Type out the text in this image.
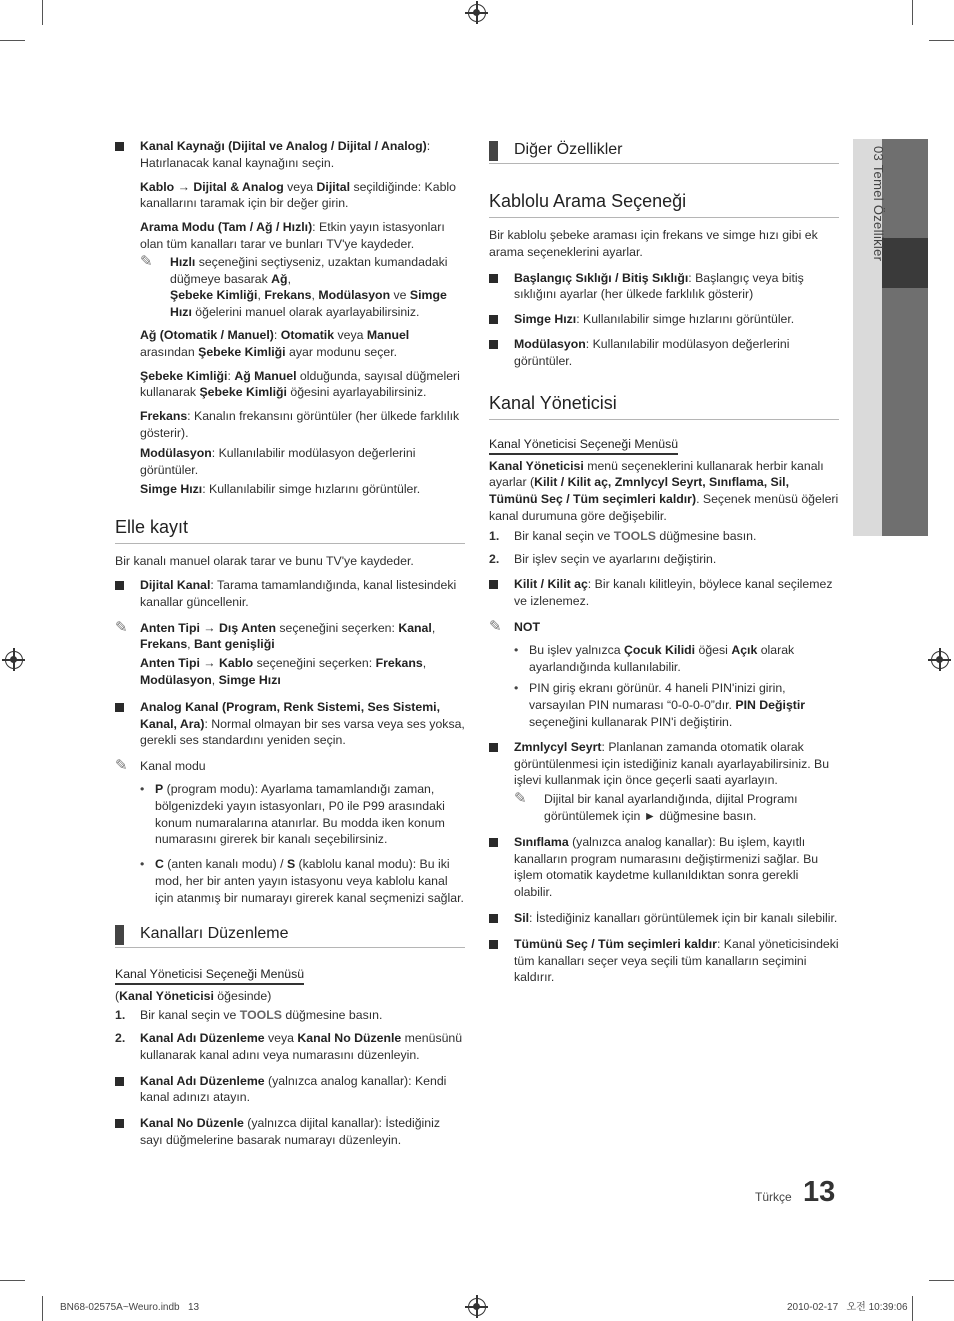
03 Temel Özellikler
Kanal Kaynağı (Dijital ve Analog / Dijital / Analog): Hatırlanacak kanal kaynağını seçin.
Kablo → Dijital & Analog veya Dijital seçildiğinde: Kablo kanallarını taramak için bir değer girin.
Arama Modu (Tam / Ağ / Hızlı): Etkin yayın istasyonları olan tüm kanalları tarar ve bunları TV'ye kaydeder.
✎ Hızlı seçeneğini seçtiyseniz, uzaktan kumandadaki düğmeye basarak Ağ,
Şebeke Kimliği, Frekans, Modülasyon ve Simge Hızı öğelerini manuel olarak ayarlayabilirsiniz.
Ağ (Otomatik / Manuel): Otomatik veya Manuel arasından Şebeke Kimliği ayar modunu seçer.
Şebeke Kimliği: Ağ Manuel olduğunda, sayısal düğmeleri kullanarak Şebeke Kimliği öğesini ayarlayabilirsiniz.
Frekans: Kanalın frekansını görüntüler (her ülkede farklılık gösterir).
Modülasyon: Kullanılabilir modülasyon değerlerini görüntüler.
Simge Hızı: Kullanılabilir simge hızlarını görüntüler.
Elle kayıt
Bir kanalı manuel olarak tarar ve bunu TV'ye kaydeder.
Dijital Kanal: Tarama tamamlandığında, kanal listesindeki kanallar güncellenir.
✎ Anten Tipi → Dış Anten seçeneğini seçerken: Kanal, Frekans, Bant genişliği
Anten Tipi → Kablo seçeneğini seçerken: Frekans, Modülasyon, Simge Hızı
Analog Kanal (Program, Renk Sistemi, Ses Sistemi, Kanal, Ara): Normal olmayan bir ses varsa veya ses yoksa, gerekli ses standardını yeniden seçin.
✎ Kanal modu
• P (program modu): Ayarlama tamamlandığı zaman, bölgenizdeki yayın istasyonları, P0 ile P99 arasındaki konum numaralarına atanırlar. Bu modda iken konum numarasını girerek bir kanalı seçebilirsiniz.
• C (anten kanalı modu) / S (kablolu kanal modu): Bu iki mod, her bir anten yayın istasyonu veya kablolu kanal için atanmış bir numarayı girerek kanal seçmenizi sağlar.
Kanalları Düzenleme
Kanal Yöneticisi Seçeneği Menüsü
(Kanal Yöneticisi öğesinde)
1. Bir kanal seçin ve TOOLS düğmesine basın.
2. Kanal Adı Düzenleme veya Kanal No Düzenle menüsünü kullanarak kanal adını veya numarasını düzenleyin.
Kanal Adı Düzenleme (yalnızca analog kanallar): Kendi kanal adınızı atayın.
Kanal No Düzenle (yalnızca dijital kanallar): İstediğiniz sayı düğmelerine basarak numarayı düzenleyin.
Diğer Özellikler
Kablolu Arama Seçeneği
Bir kablolu şebeke araması için frekans ve simge hızı gibi ek arama seçeneklerini ayarlar.
Başlangıç Sıklığı / Bitiş Sıklığı: Başlangıç veya bitiş sıklığını ayarlar (her ülkede farklılık gösterir)
Simge Hızı: Kullanılabilir simge hızlarını görüntüler.
Modülasyon: Kullanılabilir modülasyon değerlerini görüntüler.
Kanal Yöneticisi
Kanal Yöneticisi Seçeneği Menüsü
Kanal Yöneticisi menü seçeneklerini kullanarak herbir kanalı ayarlar (Kilit / Kilit aç, Zmnlycyl Seyrt, Sınıflama, Sil, Tümünü Seç / Tüm seçimleri kaldır). Seçenek menüsü öğeleri kanal durumuna göre değişebilir.
1. Bir kanal seçin ve TOOLS düğmesine basın.
2. Bir işlev seçin ve ayarlarını değiştirin.
Kilit / Kilit aç: Bir kanalı kilitleyin, böylece kanal seçilemez ve izlenemez.
✎ NOT
• Bu işlev yalnızca Çocuk Kilidi öğesi Açık olarak ayarlandığında kullanılabilir.
• PIN giriş ekranı görünür. 4 haneli PIN'inizi girin, varsayılan PIN numarası “0-0-0-0”dır. PIN Değiştir seçeneğini kullanarak PIN'i değiştirin.
Zmnlycyl Seyrt: Planlanan zamanda otomatik olarak görüntülenmesi için istediğiniz kanalı ayarlayabilirsiniz. Bu işlevi kullanmak için önce geçerli saati ayarlayın.
✎ Dijital bir kanal ayarlandığında, dijital Programı görüntülemek için ► düğmesine basın.
Sınıflama (yalnızca analog kanallar): Bu işlem, kayıtlı kanalların program numarasını değiştirmenizi sağlar. Bu işlem otomatik kaydetme kullanıldıktan sonra gerekli olabilir.
Sil: İstediğiniz kanalları görüntülemek için bir kanalı silebilir.
Tümünü Seç / Tüm seçimleri kaldır: Kanal yöneticisindeki tüm kanalları seçer veya seçili tüm kanalların seçimini kaldırır.
Türkçe 13
BN68-02575A~Weuro.indb   13	2010-02-17   오전 10:39:06
